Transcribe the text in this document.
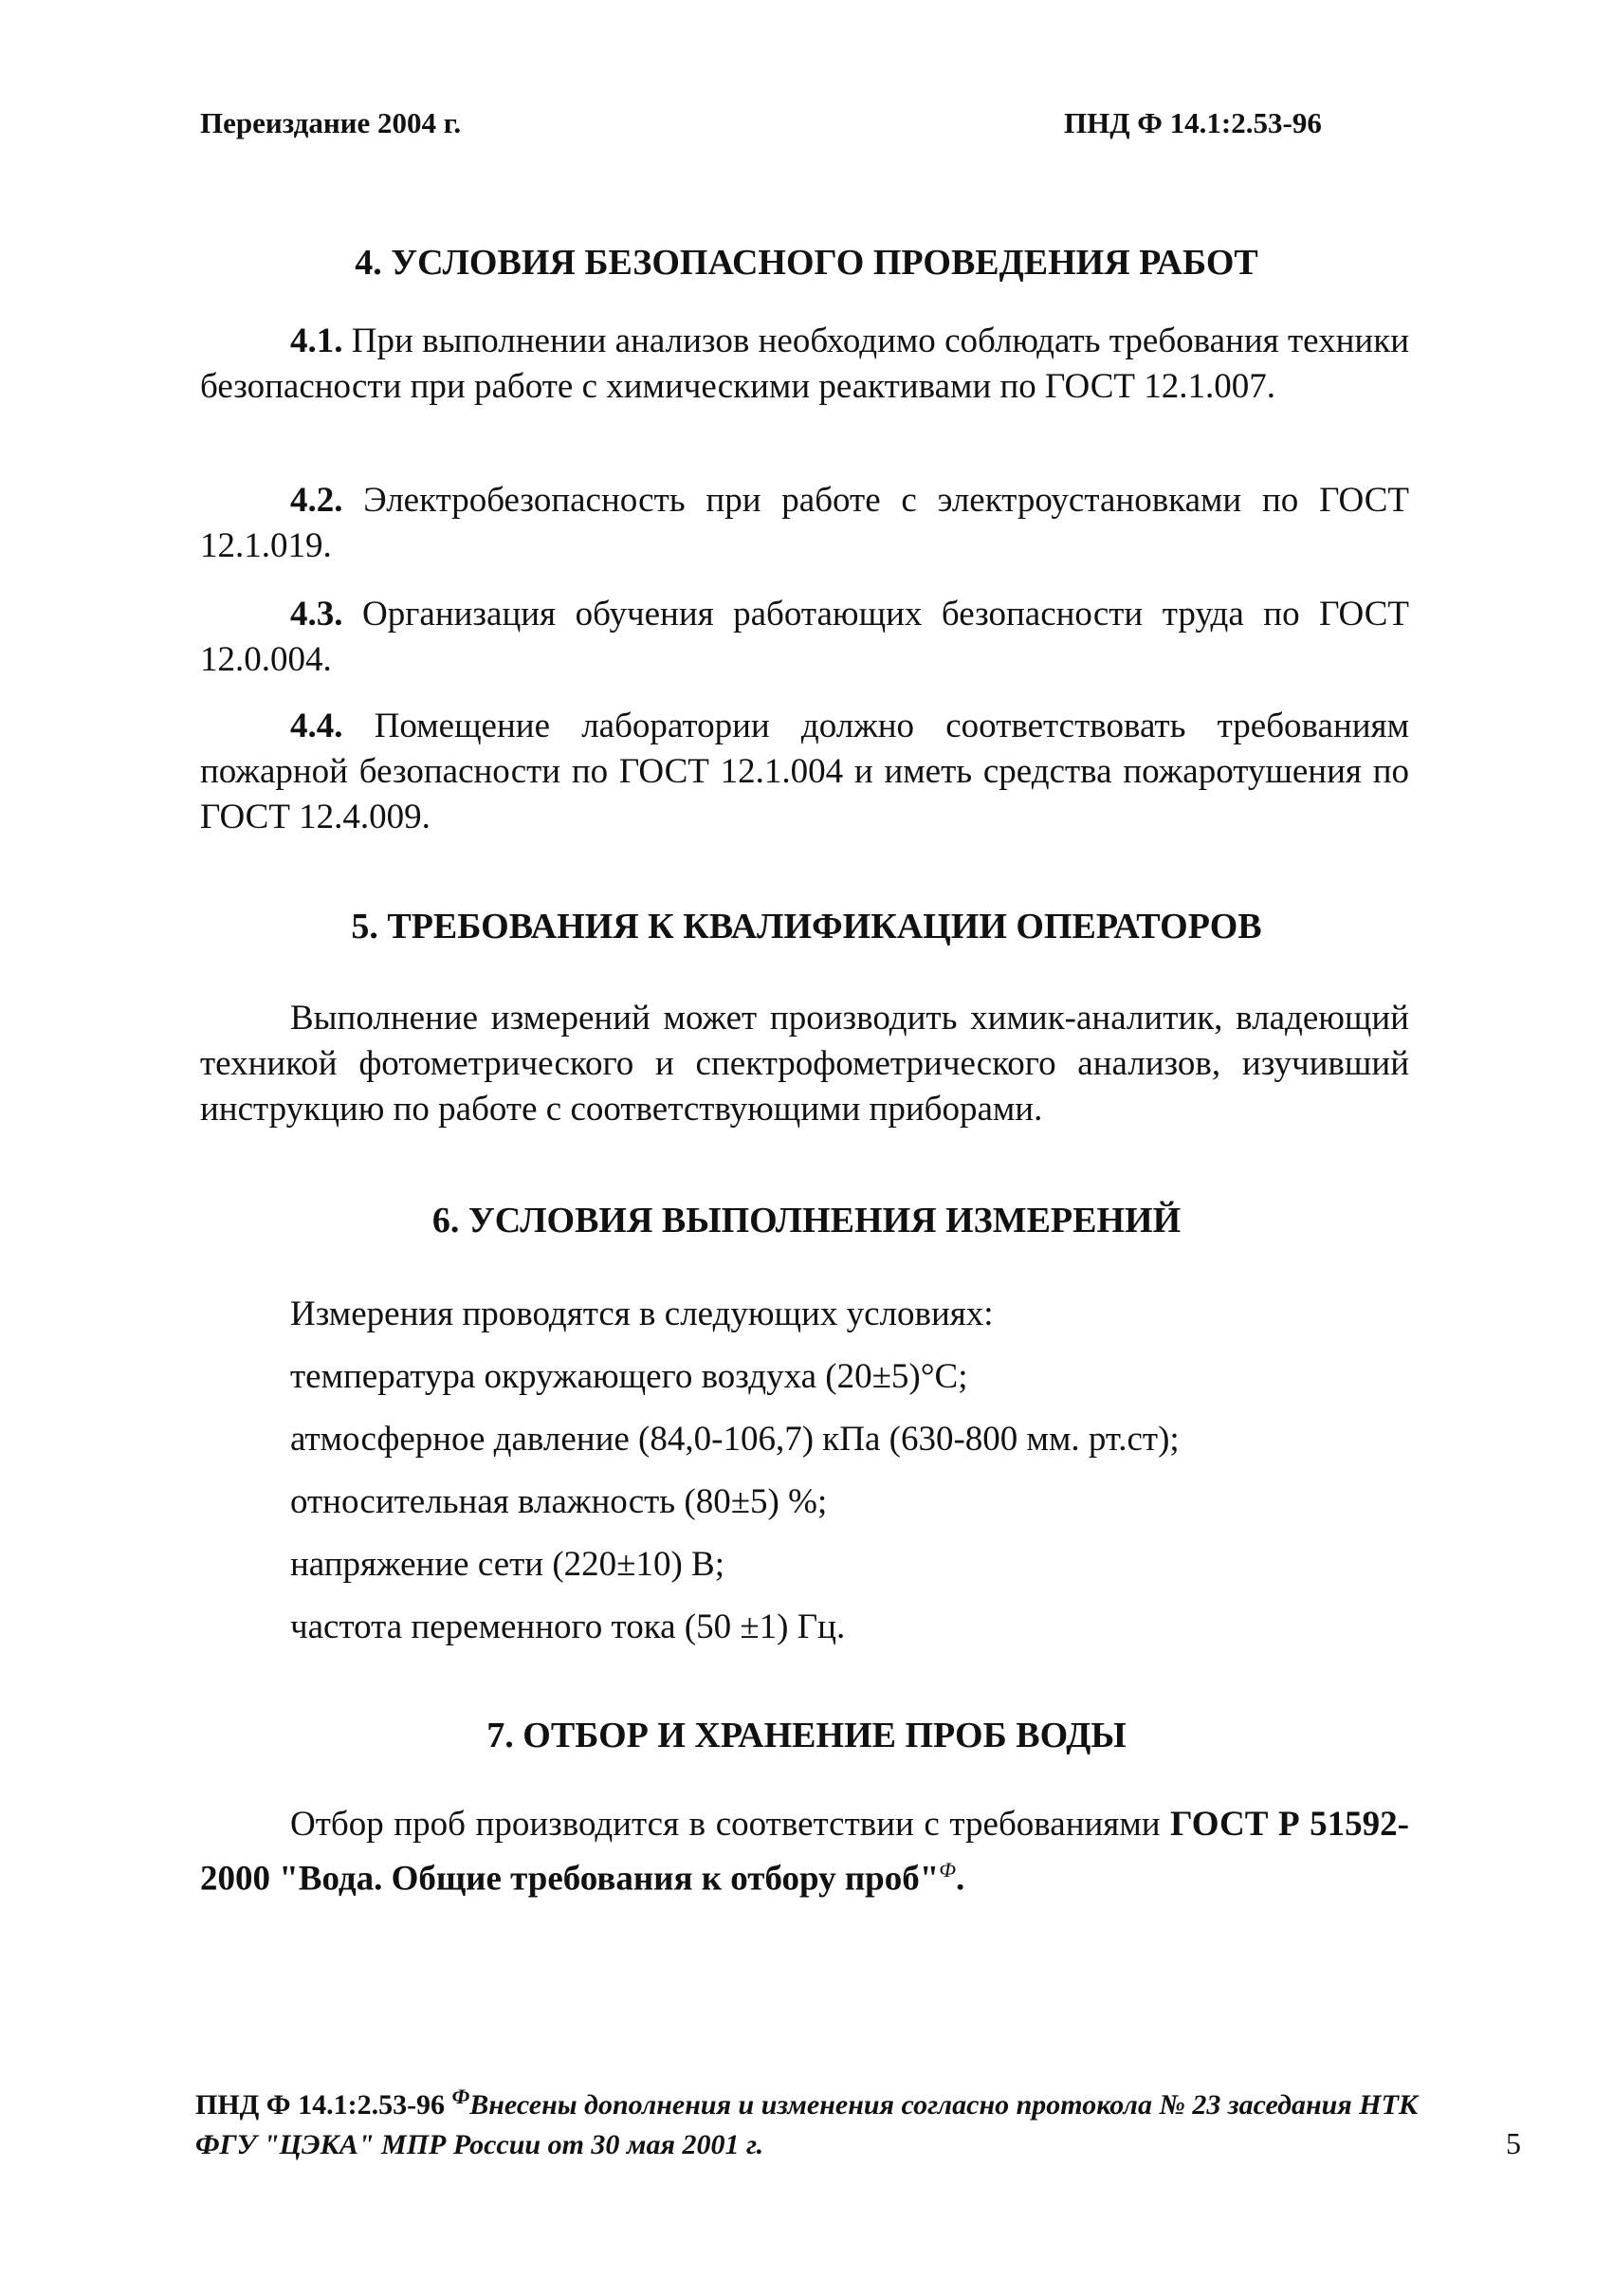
Переиздание 2004 г.	ПНД Ф 14.1:2.53-96
4. УСЛОВИЯ БЕЗОПАСНОГО ПРОВЕДЕНИЯ РАБОТ

4.1. При выполнении анализов необходимо соблюдать требования техники безопасности при работе с химическими реактивами по ГОСТ 12.1.007.

4.2. Электробезопасность при работе с электроустановками по ГОСТ 12.1.019.

4.3. Организация обучения работающих безопасности труда по ГОСТ 12.0.004.

4.4. Помещение лаборатории должно соответствовать требованиям пожарной безопасности по ГОСТ 12.1.004 и иметь средства пожаротушения по ГОСТ 12.4.009.

5. ТРЕБОВАНИЯ К КВАЛИФИКАЦИИ ОПЕРАТОРОВ

Выполнение измерений может производить химик-аналитик, владеющий техникой фотометрического и спектрофометрического анализов, изучивший инструкцию по работе с соответствующими приборами.

6. УСЛОВИЯ ВЫПОЛНЕНИЯ ИЗМЕРЕНИЙ
Измерения проводятся в следующих условиях:
температура окружающего воздуха (20±5)°С;
атмосферное давление (84,0-106,7) кПа (630-800 мм. рт.ст);
относительная влажность (80±5) %;
напряжение сети (220±10) В;
частота переменного тока (50 ±1) Гц.
7. ОТБОР И ХРАНЕНИЕ ПРОБ ВОДЫ

Отбор проб производится в соответствии с требованиями ГОСТ Р 51592-2000 "Вода. Общие требования к отбору проб"$^Ф$.

ПНД Ф 14.1:2.53-96 $^Ф$Внесены дополнения и изменения согласно протокола № 23 заседания НТК ФГУ "ЦЭКА" МПР России от 30 мая 2001 г.	5
